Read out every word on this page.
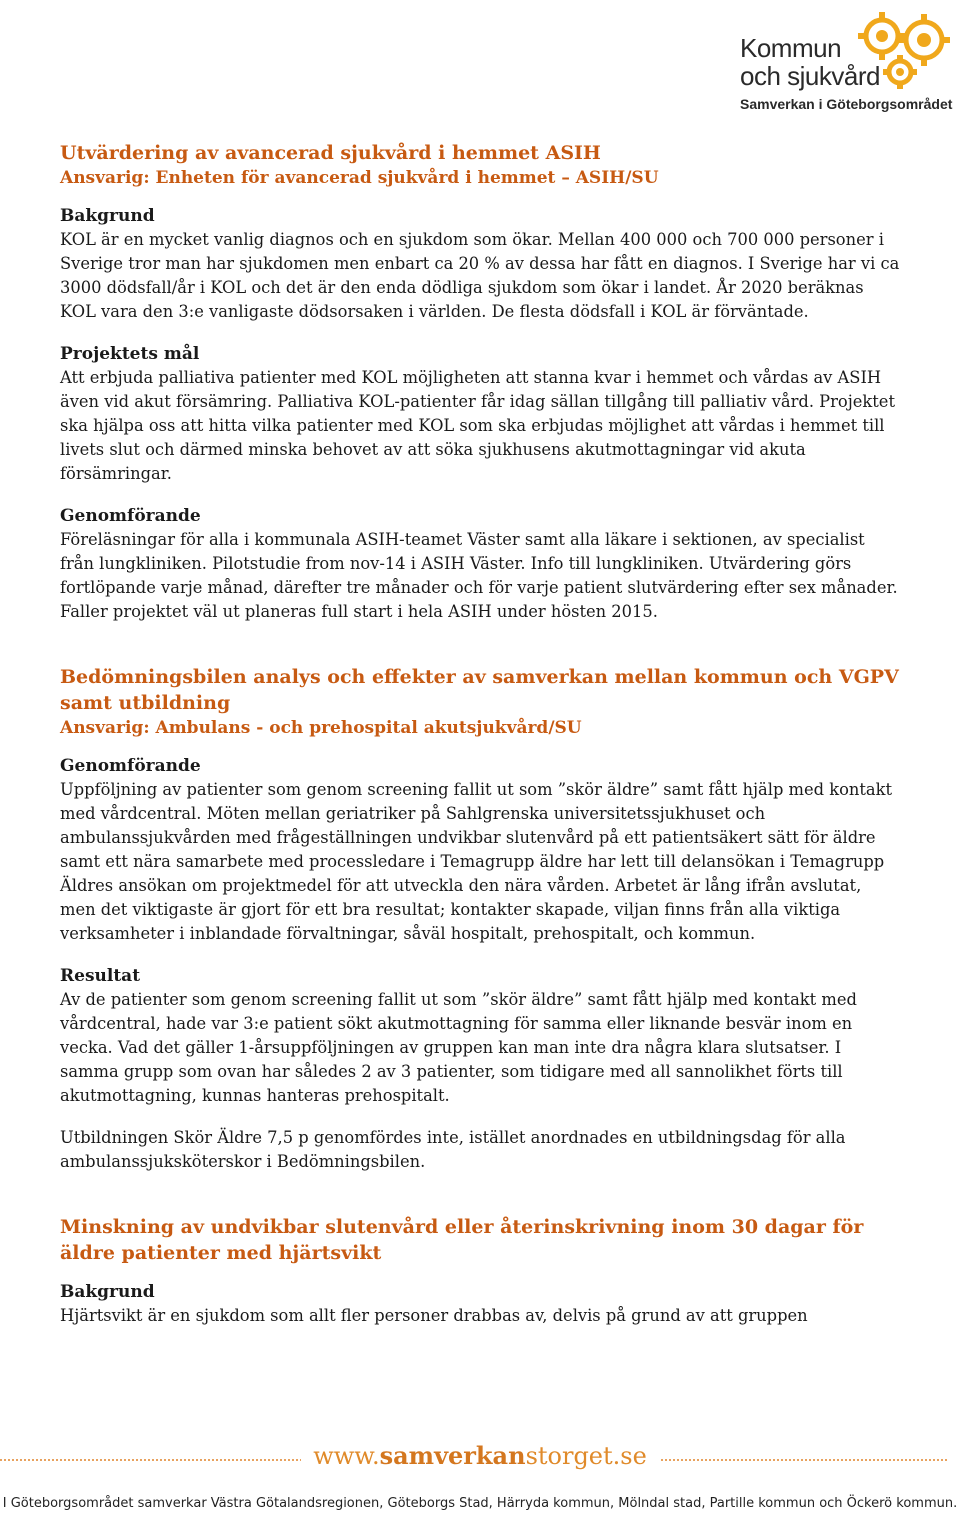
Kommun
och sjukvård
Samverkan i Göteborgsområdet

Utvärdering av avancerad sjukvård i hemmet ASIH

Ansvarig: Enheten för avancerad sjukvård i hemmet – ASIH/SU

Bakgrund

KOL är en mycket vanlig diagnos och en sjukdom som ökar. Mellan 400 000 och 700 000 personer i Sverige tror man har sjukdomen men enbart ca 20 % av dessa har fått en diagnos. I Sverige har vi ca 3000 dödsfall/år i KOL och det är den enda dödliga sjukdom som ökar i landet. År 2020 beräknas KOL vara den 3:e vanligaste dödsorsaken i världen. De flesta dödsfall i KOL är förväntade.

Projektets mål

Att erbjuda palliativa patienter med KOL möjligheten att stanna kvar i hemmet och vårdas av ASIH även vid akut försämring. Palliativa KOL-patienter får idag sällan tillgång till palliativ vård. Projektet ska hjälpa oss att hitta vilka patienter med KOL som ska erbjudas möjlighet att vårdas i hemmet till livets slut och därmed minska behovet av att söka sjukhusens akutmottagningar vid akuta försämringar.

Genomförande

Föreläsningar för alla i kommunala ASIH-teamet Väster samt alla läkare i sektionen, av specialist från lungkliniken. Pilotstudie from nov-14 i ASIH Väster. Info till lungkliniken. Utvärdering görs fortlöpande varje månad, därefter tre månader och för varje patient slutvärdering efter sex månader. Faller projektet väl ut planeras full start i hela ASIH under hösten 2015.

Bedömningsbilen analys och effekter av samverkan mellan kommun och VGPV samt utbildning

Ansvarig: Ambulans - och prehospital akutsjukvård/SU

Genomförande

Uppföljning av patienter som genom screening fallit ut som ”skör äldre” samt fått hjälp med kontakt med vårdcentral. Möten mellan geriatriker på Sahlgrenska universitetssjukhuset och ambulanssjukvården med frågeställningen undvikbar slutenvård på ett patientsäkert sätt för äldre samt ett nära samarbete med processledare i Temagrupp äldre har lett till delansökan i Temagrupp Äldres ansökan om projektmedel för att utveckla den nära vården. Arbetet är lång ifrån avslutat, men det viktigaste är gjort för ett bra resultat; kontakter skapade, viljan finns från alla viktiga verksamheter i inblandade förvaltningar, såväl hospitalt, prehospitalt, och kommun.

Resultat

Av de patienter som genom screening fallit ut som ”skör äldre” samt fått hjälp med kontakt med vårdcentral, hade var 3:e patient sökt akutmottagning för samma eller liknande besvär inom en vecka. Vad det gäller 1-årsuppföljningen av gruppen kan man inte dra några klara slutsatser. I samma grupp som ovan har således 2 av 3 patienter, som tidigare med all sannolikhet förts till akutmottagning, kunnas hanteras prehospitalt.

Utbildningen Skör Äldre 7,5 p genomfördes inte, istället anordnades en utbildningsdag för alla ambulanssjuksköterskor i Bedömningsbilen.

Minskning av undvikbar slutenvård eller återinskrivning inom 30 dagar för äldre patienter med hjärtsvikt

Bakgrund

Hjärtsvikt är en sjukdom som allt fler personer drabbas av, delvis på grund av att gruppen

www.samverkanstorget.se
I Göteborgsområdet samverkar Västra Götalandsregionen, Göteborgs Stad, Härryda kommun, Mölndal stad, Partille kommun och Öckerö kommun.
